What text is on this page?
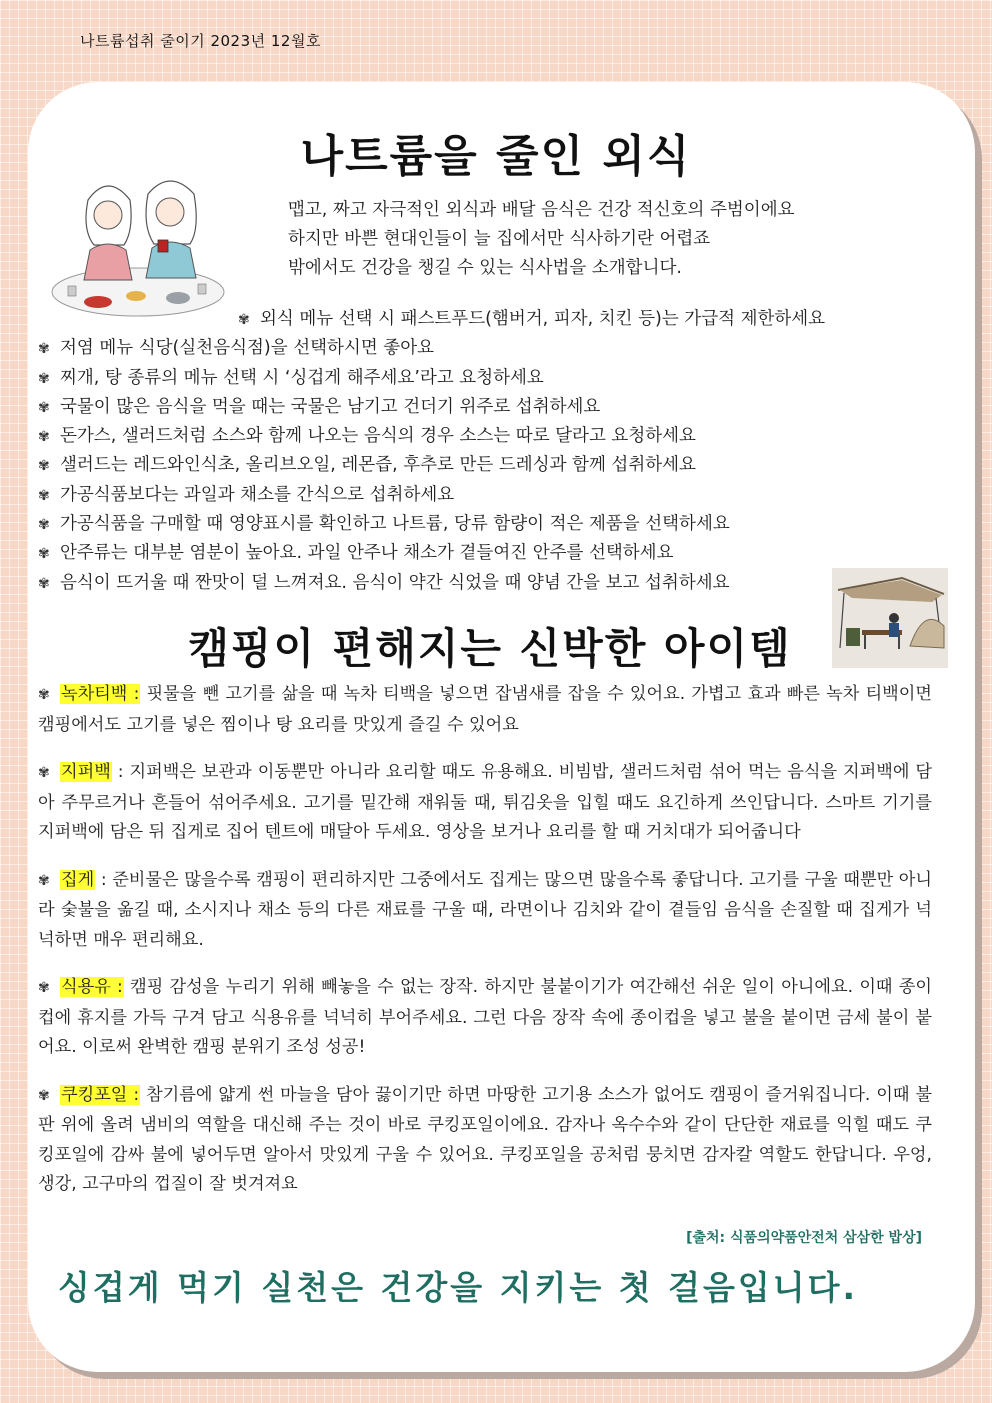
나트륨섭취 줄이기 2023년 12월호
나트륨을 줄인 외식
맵고, 짜고 자극적인 외식과 배달 음식은 건강 적신호의 주범이에요
하지만 바쁜 현대인들이 늘 집에서만 식사하기란 어렵죠
밖에서도 건강을 챙길 수 있는 식사법을 소개합니다.
✾ 외식 메뉴 선택 시 패스트푸드(햄버거, 피자, 치킨 등)는 가급적 제한하세요
✾ 저염 메뉴 식당(실천음식점)을 선택하시면 좋아요
✾ 찌개, 탕 종류의 메뉴 선택 시 ‘싱겁게 해주세요’라고 요청하세요
✾ 국물이 많은 음식을 먹을 때는 국물은 남기고 건더기 위주로 섭취하세요
✾ 돈가스, 샐러드처럼 소스와 함께 나오는 음식의 경우 소스는 따로 달라고 요청하세요
✾ 샐러드는 레드와인식초, 올리브오일, 레몬즙, 후추로 만든 드레싱과 함께 섭취하세요
✾ 가공식품보다는 과일과 채소를 간식으로 섭취하세요
✾ 가공식품을 구매할 때 영양표시를 확인하고 나트륨, 당류 함량이 적은 제품을 선택하세요
✾ 안주류는 대부분 염분이 높아요. 과일 안주나 채소가 곁들여진 안주를 선택하세요
✾ 음식이 뜨거울 때 짠맛이 덜 느껴져요. 음식이 약간 식었을 때 양념 간을 보고 섭취하세요
캠핑이 편해지는 신박한 아이템
✾ 녹차티백 : 핏물을 뺀 고기를 삶을 때 녹차 티백을 넣으면 잡냄새를 잡을 수 있어요. 가볍고 효과 빠른 녹차 티백이면 캠핑에서도 고기를 넣은 찜이나 탕 요리를 맛있게 즐길 수 있어요
✾ 지퍼백 : 지퍼백은 보관과 이동뿐만 아니라 요리할 때도 유용해요. 비빔밥, 샐러드처럼 섞어 먹는 음식을 지퍼백에 담아 주무르거나 흔들어 섞어주세요. 고기를 밑간해 재워둘 때, 튀김옷을 입힐 때도 요긴하게 쓰인답니다. 스마트 기기를 지퍼백에 담은 뒤 집게로 집어 텐트에 매달아 두세요. 영상을 보거나 요리를 할 때 거치대가 되어줍니다
✾ 집게 : 준비물은 많을수록 캠핑이 편리하지만 그중에서도 집게는 많으면 많을수록 좋답니다. 고기를 구울 때뿐만 아니라 숯불을 옮길 때, 소시지나 채소 등의 다른 재료를 구울 때, 라면이나 김치와 같이 곁들임 음식을 손질할 때 집게가 넉넉하면 매우 편리해요.
✾ 식용유 : 캠핑 감성을 누리기 위해 빼놓을 수 없는 장작. 하지만 불붙이기가 여간해선 쉬운 일이 아니에요. 이때 종이컵에 휴지를 가득 구겨 담고 식용유를 넉넉히 부어주세요. 그런 다음 장작 속에 종이컵을 넣고 불을 붙이면 금세 불이 붙어요. 이로써 완벽한 캠핑 분위기 조성 성공!
✾ 쿠킹포일 : 참기름에 얇게 썬 마늘을 담아 끓이기만 하면 마땅한 고기용 소스가 없어도 캠핑이 즐거워집니다. 이때 불판 위에 올려 냄비의 역할을 대신해 주는 것이 바로 쿠킹포일이에요. 감자나 옥수수와 같이 단단한 재료를 익힐 때도 쿠킹포일에 감싸 불에 넣어두면 알아서 맛있게 구울 수 있어요. 쿠킹포일을 공처럼 뭉치면 감자칼 역할도 한답니다. 우엉, 생강, 고구마의 껍질이 잘 벗겨져요
[출처: 식품의약품안전처 삼삼한 밥상]
싱겁게 먹기 실천은 건강을 지키는 첫 걸음입니다.
